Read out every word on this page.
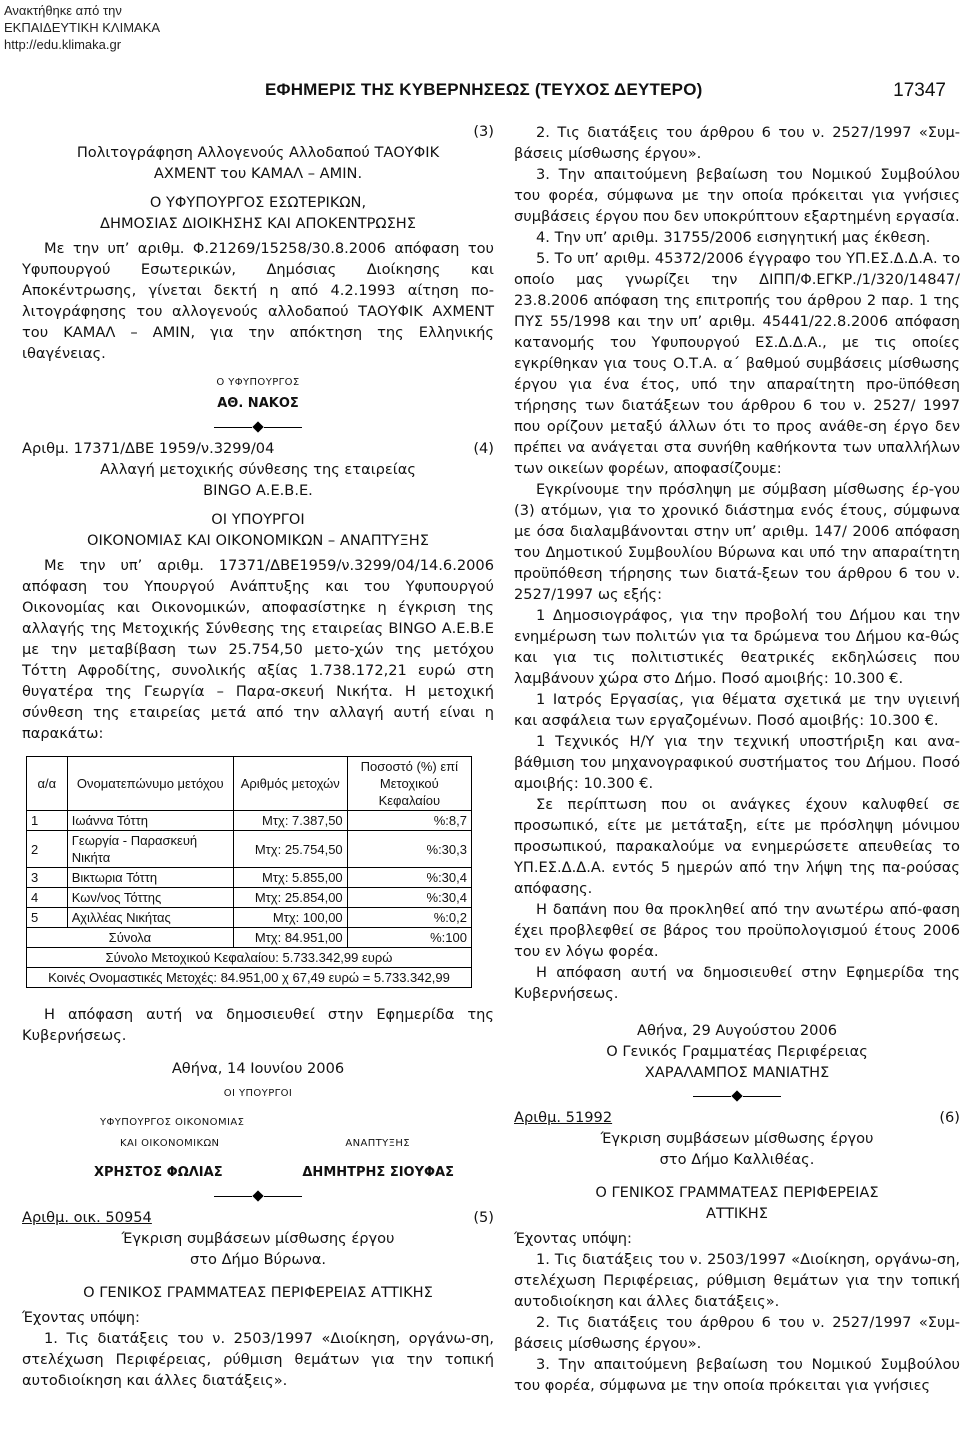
Ανακτήθηκε από την
ΕΚΠΑΙΔΕΥΤΙΚΗ ΚΛΙΜΑΚΑ
http://edu.klimaka.gr
ΕΦΗΜΕΡΙΣ ΤΗΣ ΚΥΒΕΡΝΗΣΕΩΣ (ΤΕΥΧΟΣ ΔΕΥΤΕΡΟ)	17347

(3)

Πολιτογράφηση Αλλογενούς Αλλοδαπού ΤΑΟΥΦΙΚ

ΑΧΜΕΝΤ του ΚΑΜΑΛ – ΑΜΙΝ.

Ο ΥΦΥΠΟΥΡΓΟΣ ΕΣΩΤΕΡΙΚΩΝ,

ΔΗΜΟΣΙΑΣ ΔΙΟΙΚΗΣΗΣ ΚΑΙ ΑΠΟΚΕΝΤΡΩΣΗΣ

Με την υπ’ αριθμ. Φ.21269/15258/30.8.2006 απόφαση του Υφυπουργού Εσωτερικών, Δημόσιας Διοίκησης και Αποκέντρωσης, γίνεται δεκτή η από 4.2.1993 αίτηση πο-λιτογράφησης του αλλογενούς αλλοδαπού ΤΑΟΥΦΙΚ ΑΧΜΕΝΤ του ΚΑΜΑΛ – ΑΜΙΝ, για την απόκτηση της Ελληνικής ιθαγένειας.

Ο ΥΦΥΠΟΥΡΓΟΣ

ΑΘ. ΝΑΚΟΣ

Αριθμ. 17371/ΔΒΕ 1959/ν.3299/04	(4)

Αλλαγή μετοχικής σύνθεσης της εταιρείας

BINGO Α.Ε.Β.Ε.

ΟΙ ΥΠΟΥΡΓΟΙ

ΟΙΚΟΝΟΜΙΑΣ ΚΑΙ ΟΙΚΟΝΟΜΙΚΩΝ – ΑΝΑΠΤΥΞΗΣ

Με την υπ’ αριθμ. 17371/ΔΒΕ1959/ν.3299/04/14.6.2006 απόφαση του Υπουργού Ανάπτυξης και του Υφυπουργού Οικονομίας και Οικονομικών, αποφασίστηκε η έγκριση της αλλαγής της Μετοχικής Σύνθεσης της εταιρείας BINGO Α.Ε.Β.Ε με την μεταβίβαση των 25.754,50 μετο-χών της μετόχου Τόττη Αφροδίτης, συνολικής αξίας 1.738.172,21 ευρώ στη θυγατέρα της Γεωργία – Παρα-σκευή Νικήτα. Η μετοχική σύνθεση της εταιρείας μετά από την αλλαγή αυτή είναι η παρακάτω:

α/α	Ονοματεπώνυμο μετόχου	Αριθμός μετοχών	Ποσοστό (%) επί Μετοχικού Κεφαλαίου
1	Ιωάννα Τόττη	Μτχ: 7.387,50	%:8,7
2	Γεωργία - Παρασκευή Νικήτα	Μτχ: 25.754,50	%:30,3
3	Βικτωρια Τόττη	Μτχ: 5.855,00	%:30,4
4	Κων/νος Τόττης	Μτχ: 25.854,00	%:30,4
5	Αχιλλέας Νικήτας	Μτχ: 100,00	%:0,2
Σύνολα		Μτχ: 84.951,00	%:100
Σύνολο Μετοχικού Κεφαλαίου: 5.733.342,99 ευρώ			
Κοινές Ονομαστικές Μετοχές: 84.951,00 χ 67,49 ευρώ = 5.733.342,99			

Η απόφαση αυτή να δημοσιευθεί στην Εφημερίδα της Κυβερνήσεως.

Αθήνα, 14 Ιουνίου 2006

ΟΙ ΥΠΟΥΡΓΟΙ

ΥΦΥΠΟΥΡΓΟΣ ΟΙΚΟΝΟΜΙΑΣ
ΚΑΙ ΟΙΚΟΝΟΜΙΚΩΝ	ΑΝΑΠΤΥΞΗΣ
ΧΡΗΣΤΟΣ ΦΩΛΙΑΣ	ΔΗΜΗΤΡΗΣ ΣΙΟΥΦΑΣ
Αριθμ. οικ. 50954	(5)

Έγκριση συμβάσεων μίσθωσης έργου

στο Δήμο Βύρωνα.

Ο ΓΕΝΙΚΟΣ ΓΡΑΜΜΑΤΕΑΣ ΠΕΡΙΦΕΡΕΙΑΣ ΑΤΤΙΚΗΣ

Έχοντας υπόψη:

1. Τις διατάξεις του ν. 2503/1997 «Διοίκηση, οργάνω-ση, στελέχωση Περιφέρειας, ρύθμιση θεμάτων για την τοπική αυτοδιοίκηση και άλλες διατάξεις».

2. Τις διατάξεις του άρθρου 6 του ν. 2527/1997 «Συμ-βάσεις μίσθωσης έργου».

3. Την απαιτούμενη βεβαίωση του Νομικού Συμβούλου του φορέα, σύμφωνα με την οποία πρόκειται για γνήσιες συμβάσεις έργου που δεν υποκρύπτουν εξαρτημένη εργασία.

4. Την υπ’ αριθμ. 31755/2006 εισηγητική μας έκθεση.

5. Το υπ’ αριθμ. 45372/2006 έγγραφο του ΥΠ.ΕΣ.Δ.Δ.Α. το οποίο μας γνωρίζει την ΔΙΠΠ/Φ.ΕΓΚΡ./1/320/14847/ 23.8.2006 απόφαση της επιτροπής του άρθρου 2 παρ. 1 της ΠΥΣ 55/1998 και την υπ’ αριθμ. 45441/22.8.2006 απόφαση κατανομής του Υφυπουργού ΕΣ.Δ.Δ.Α., με τις οποίες εγκρίθηκαν για τους Ο.Τ.Α. α΄ βαθμού συμβάσεις μίσθωσης έργου για ένα έτος, υπό την απαραίτητη προ-ϋπόθεση τήρησης των διατάξεων του άρθρου 6 του ν. 2527/ 1997 που ορίζουν μεταξύ άλλων ότι το προς ανάθε-ση έργο δεν πρέπει να ανάγεται στα συνήθη καθήκοντα των υπαλλήλων των οικείων φορέων, αποφασίζουμε:

Εγκρίνουμε την πρόσληψη με σύμβαση μίσθωσης έρ-γου (3) ατόμων, για το χρονικό διάστημα ενός έτους, σύμφωνα με όσα διαλαμβάνονται στην υπ’ αριθμ. 147/ 2006 απόφαση του Δημοτικού Συμβουλίου Βύρωνα και υπό την απαραίτητη προϋπόθεση τήρησης των διατά-ξεων του άρθρου 6 του ν. 2527/1997 ως εξής:

1 Δημοσιογράφος, για την προβολή του Δήμου και την ενημέρωση των πολιτών για τα δρώμενα του Δήμου κα-θώς και για τις πολιτιστικές θεατρικές εκδηλώσεις που λαμβάνουν χώρα στο Δήμο. Ποσό αμοιβής: 10.300 €.

1 Ιατρός Εργασίας, για θέματα σχετικά με την υγιεινή και ασφάλεια των εργαζομένων. Ποσό αμοιβής: 10.300 €.

1 Τεχνικός Η/Υ για την τεχνική υποστήριξη και ανα-βάθμιση του μηχανογραφικού συστήματος του Δήμου. Ποσό αμοιβής: 10.300 €.

Σε περίπτωση που οι ανάγκες έχουν καλυφθεί σε προσωπικό, είτε με μετάταξη, είτε με πρόσληψη μόνιμου προσωπικού, παρακαλούμε να ενημερώσετε απευθείας το ΥΠ.ΕΣ.Δ.Δ.Α. εντός 5 ημερών από την λήψη της πα-ρούσας απόφασης.

Η δαπάνη που θα προκληθεί από την ανωτέρω από-φαση έχει προβλεφθεί σε βάρος του προϋπολογισμού έτους 2006 του εν λόγω φορέα.

Η απόφαση αυτή να δημοσιευθεί στην Εφημερίδα της Κυβερνήσεως.

Αθήνα, 29 Αυγούστου 2006

Ο Γενικός Γραμματέας Περιφέρειας

ΧΑΡΑΛΑΜΠΟΣ ΜΑΝΙΑΤΗΣ

Αριθμ. 51992	(6)

Έγκριση συμβάσεων μίσθωσης έργου

στο Δήμο Καλλιθέας.

Ο ΓΕΝΙΚΟΣ ΓΡΑΜΜΑΤΕΑΣ ΠΕΡΙΦΕΡΕΙΑΣ

ΑΤΤΙΚΗΣ

Έχοντας υπόψη:

1. Τις διατάξεις του ν. 2503/1997 «Διοίκηση, οργάνω-ση, στελέχωση Περιφέρειας, ρύθμιση θεμάτων για την τοπική αυτοδιοίκηση και άλλες διατάξεις».

2. Τις διατάξεις του άρθρου 6 του ν. 2527/1997 «Συμ-βάσεις μίσθωσης έργου».

3. Την απαιτούμενη βεβαίωση του Νομικού Συμβούλου του φορέα, σύμφωνα με την οποία πρόκειται για γνήσιες
